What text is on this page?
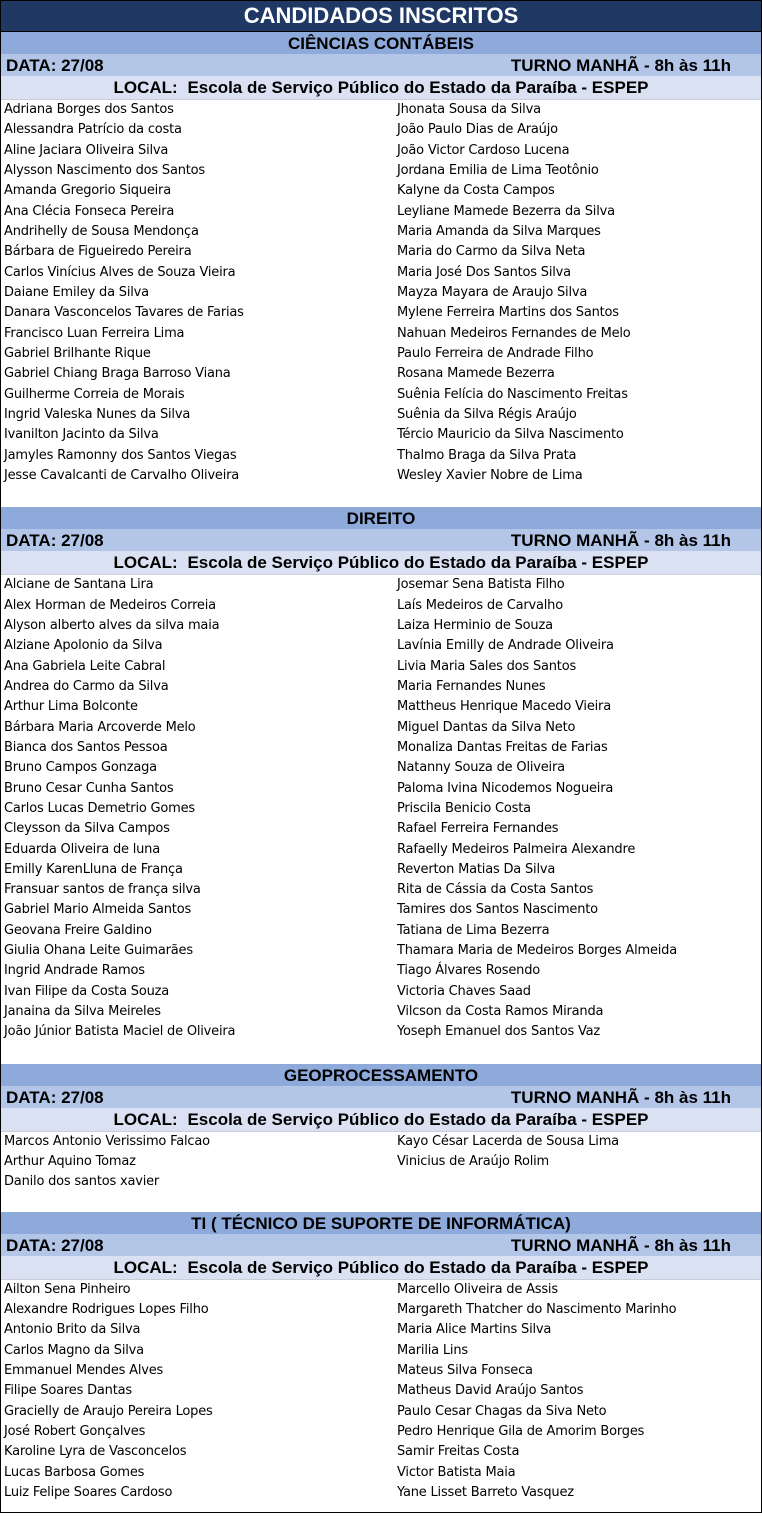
CANDIDADOS INSCRITOS
CIÊNCIAS CONTÁBEIS
DATA: 27/08	TURNO MANHÃ - 8h às 11h
LOCAL: Escola de Serviço Público do Estado da Paraíba - ESPEP
Adriana Borges dos Santos
Alessandra Patrício da costa
Aline Jaciara Oliveira Silva
Alysson Nascimento dos Santos
Amanda Gregorio Siqueira
Ana Clécia Fonseca Pereira
Andrihelly de Sousa Mendonça
Bárbara de Figueiredo Pereira
Carlos Vinícius Alves de Souza Vieira
Daiane Emiley da Silva
Danara Vasconcelos Tavares de Farias
Francisco Luan Ferreira Lima
Gabriel Brilhante Rique
Gabriel Chiang Braga Barroso Viana
Guilherme Correia de Morais
Ingrid Valeska Nunes da Silva
Ivanilton Jacinto da Silva
Jamyles Ramonny dos Santos Viegas
Jesse Cavalcanti de Carvalho Oliveira
Jhonata Sousa da Silva
João Paulo Dias de Araújo
João Victor Cardoso Lucena
Jordana Emilia de Lima Teotônio
Kalyne da Costa Campos
Leyliane Mamede Bezerra da Silva
Maria Amanda da Silva Marques
Maria do Carmo da Silva Neta
Maria José Dos Santos Silva
Mayza Mayara de Araujo Silva
Mylene Ferreira Martins dos Santos
Nahuan Medeiros Fernandes de Melo
Paulo Ferreira de Andrade Filho
Rosana Mamede Bezerra
Suênia Felícia do Nascimento Freitas
Suênia da Silva Régis Araújo
Tércio Mauricio da Silva Nascimento
Thalmo Braga da Silva Prata
Wesley Xavier Nobre de Lima
DIREITO
DATA: 27/08	TURNO MANHÃ - 8h às 11h
LOCAL: Escola de Serviço Público do Estado da Paraíba - ESPEP
Alciane de Santana Lira
Alex Horman de Medeiros Correia
Alyson alberto alves da silva maia
Alziane Apolonio da Silva
Ana Gabriela Leite Cabral
Andrea do Carmo da Silva
Arthur Lima Bolconte
Bárbara Maria Arcoverde Melo
Bianca dos Santos Pessoa
Bruno Campos Gonzaga
Bruno Cesar Cunha Santos
Carlos Lucas Demetrio Gomes
Cleysson da Silva Campos
Eduarda Oliveira de luna
Emilly KarenLluna de França
Fransuar santos de frança silva
Gabriel Mario Almeida Santos
Geovana Freire Galdino
Giulia Ohana Leite Guimarães
Ingrid Andrade Ramos
Ivan Filipe da Costa Souza
Janaina da Silva Meireles
João Júnior Batista Maciel de Oliveira
Josemar Sena Batista Filho
Laís Medeiros de Carvalho
Laiza Herminio de Souza
Lavínia Emilly de Andrade Oliveira
Livia Maria Sales dos Santos
Maria Fernandes Nunes
Mattheus Henrique Macedo Vieira
Miguel Dantas da Silva Neto
Monaliza Dantas Freitas de Farias
Natanny Souza de Oliveira
Paloma Ivina Nicodemos Nogueira
Priscila Benicio Costa
Rafael Ferreira Fernandes
Rafaelly Medeiros Palmeira Alexandre
Reverton Matias Da Silva
Rita de Cássia da Costa Santos
Tamires dos Santos Nascimento
Tatiana de Lima Bezerra
Thamara Maria de Medeiros Borges Almeida
Tiago Álvares Rosendo
Victoria Chaves Saad
Vilcson da Costa Ramos Miranda
Yoseph Emanuel dos Santos Vaz
GEOPROCESSAMENTO
DATA: 27/08	TURNO MANHÃ - 8h às 11h
LOCAL: Escola de Serviço Público do Estado da Paraíba - ESPEP
Marcos Antonio Verissimo Falcao
Arthur Aquino Tomaz
Danilo dos santos xavier
Kayo César Lacerda de Sousa Lima
Vinicius de Araújo Rolim
TI ( TÉCNICO DE SUPORTE DE INFORMÁTICA)
DATA: 27/08	TURNO MANHÃ - 8h às 11h
LOCAL: Escola de Serviço Público do Estado da Paraíba - ESPEP
Ailton Sena Pinheiro
Alexandre Rodrigues Lopes Filho
Antonio Brito da Silva
Carlos Magno da Silva
Emmanuel Mendes Alves
Filipe Soares Dantas
Gracielly de Araujo Pereira Lopes
José Robert Gonçalves
Karoline Lyra de Vasconcelos
Lucas Barbosa Gomes
Luiz Felipe Soares Cardoso
Marcello Oliveira de Assis
Margareth Thatcher do Nascimento Marinho
Maria Alice Martins Silva
Marilia Lins
Mateus Silva Fonseca
Matheus David Araújo Santos
Paulo Cesar Chagas da Siva Neto
Pedro Henrique Gila de Amorim Borges
Samir Freitas Costa
Victor Batista Maia
Yane Lisset Barreto Vasquez
